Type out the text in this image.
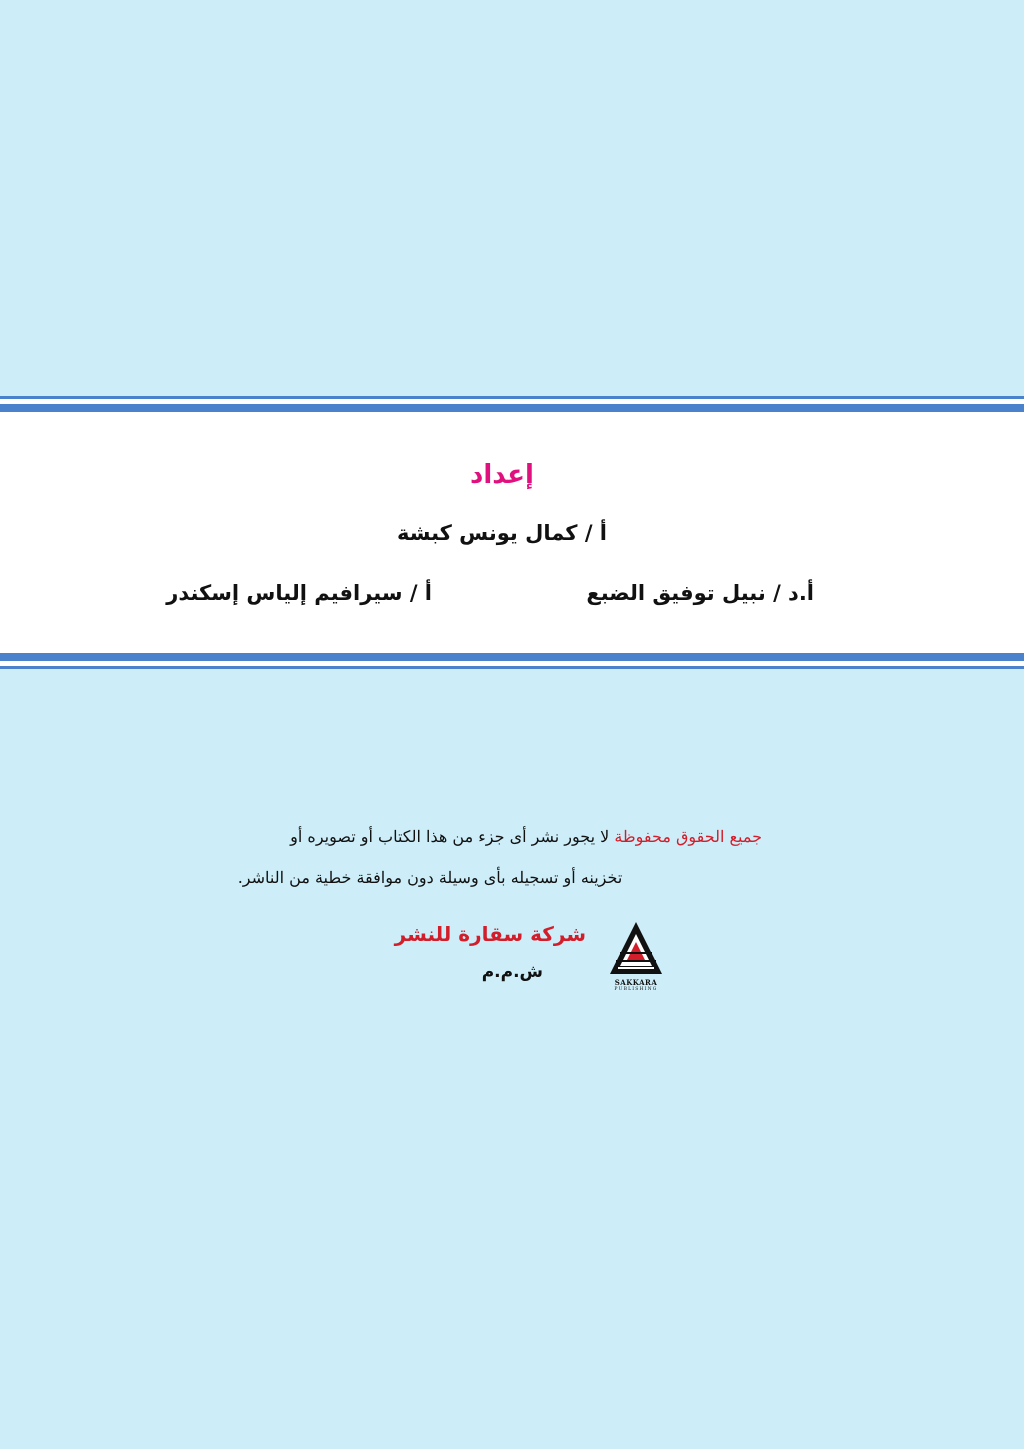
إعداد
أ / كمال يونس كبشة
أ.د / نبيل توفيق الضبع
أ / سيرافيم إلياس إسكندر
جميع الحقوق محفوظة لا يجور نشر أى جزء من هذا الكتاب أو تصويره أو
تخزينه أو تسجيله بأى وسيلة دون موافقة خطية من الناشر.
شركة سقارة للنشر
ش.م.م
SAKKARA
PUBLISHING
